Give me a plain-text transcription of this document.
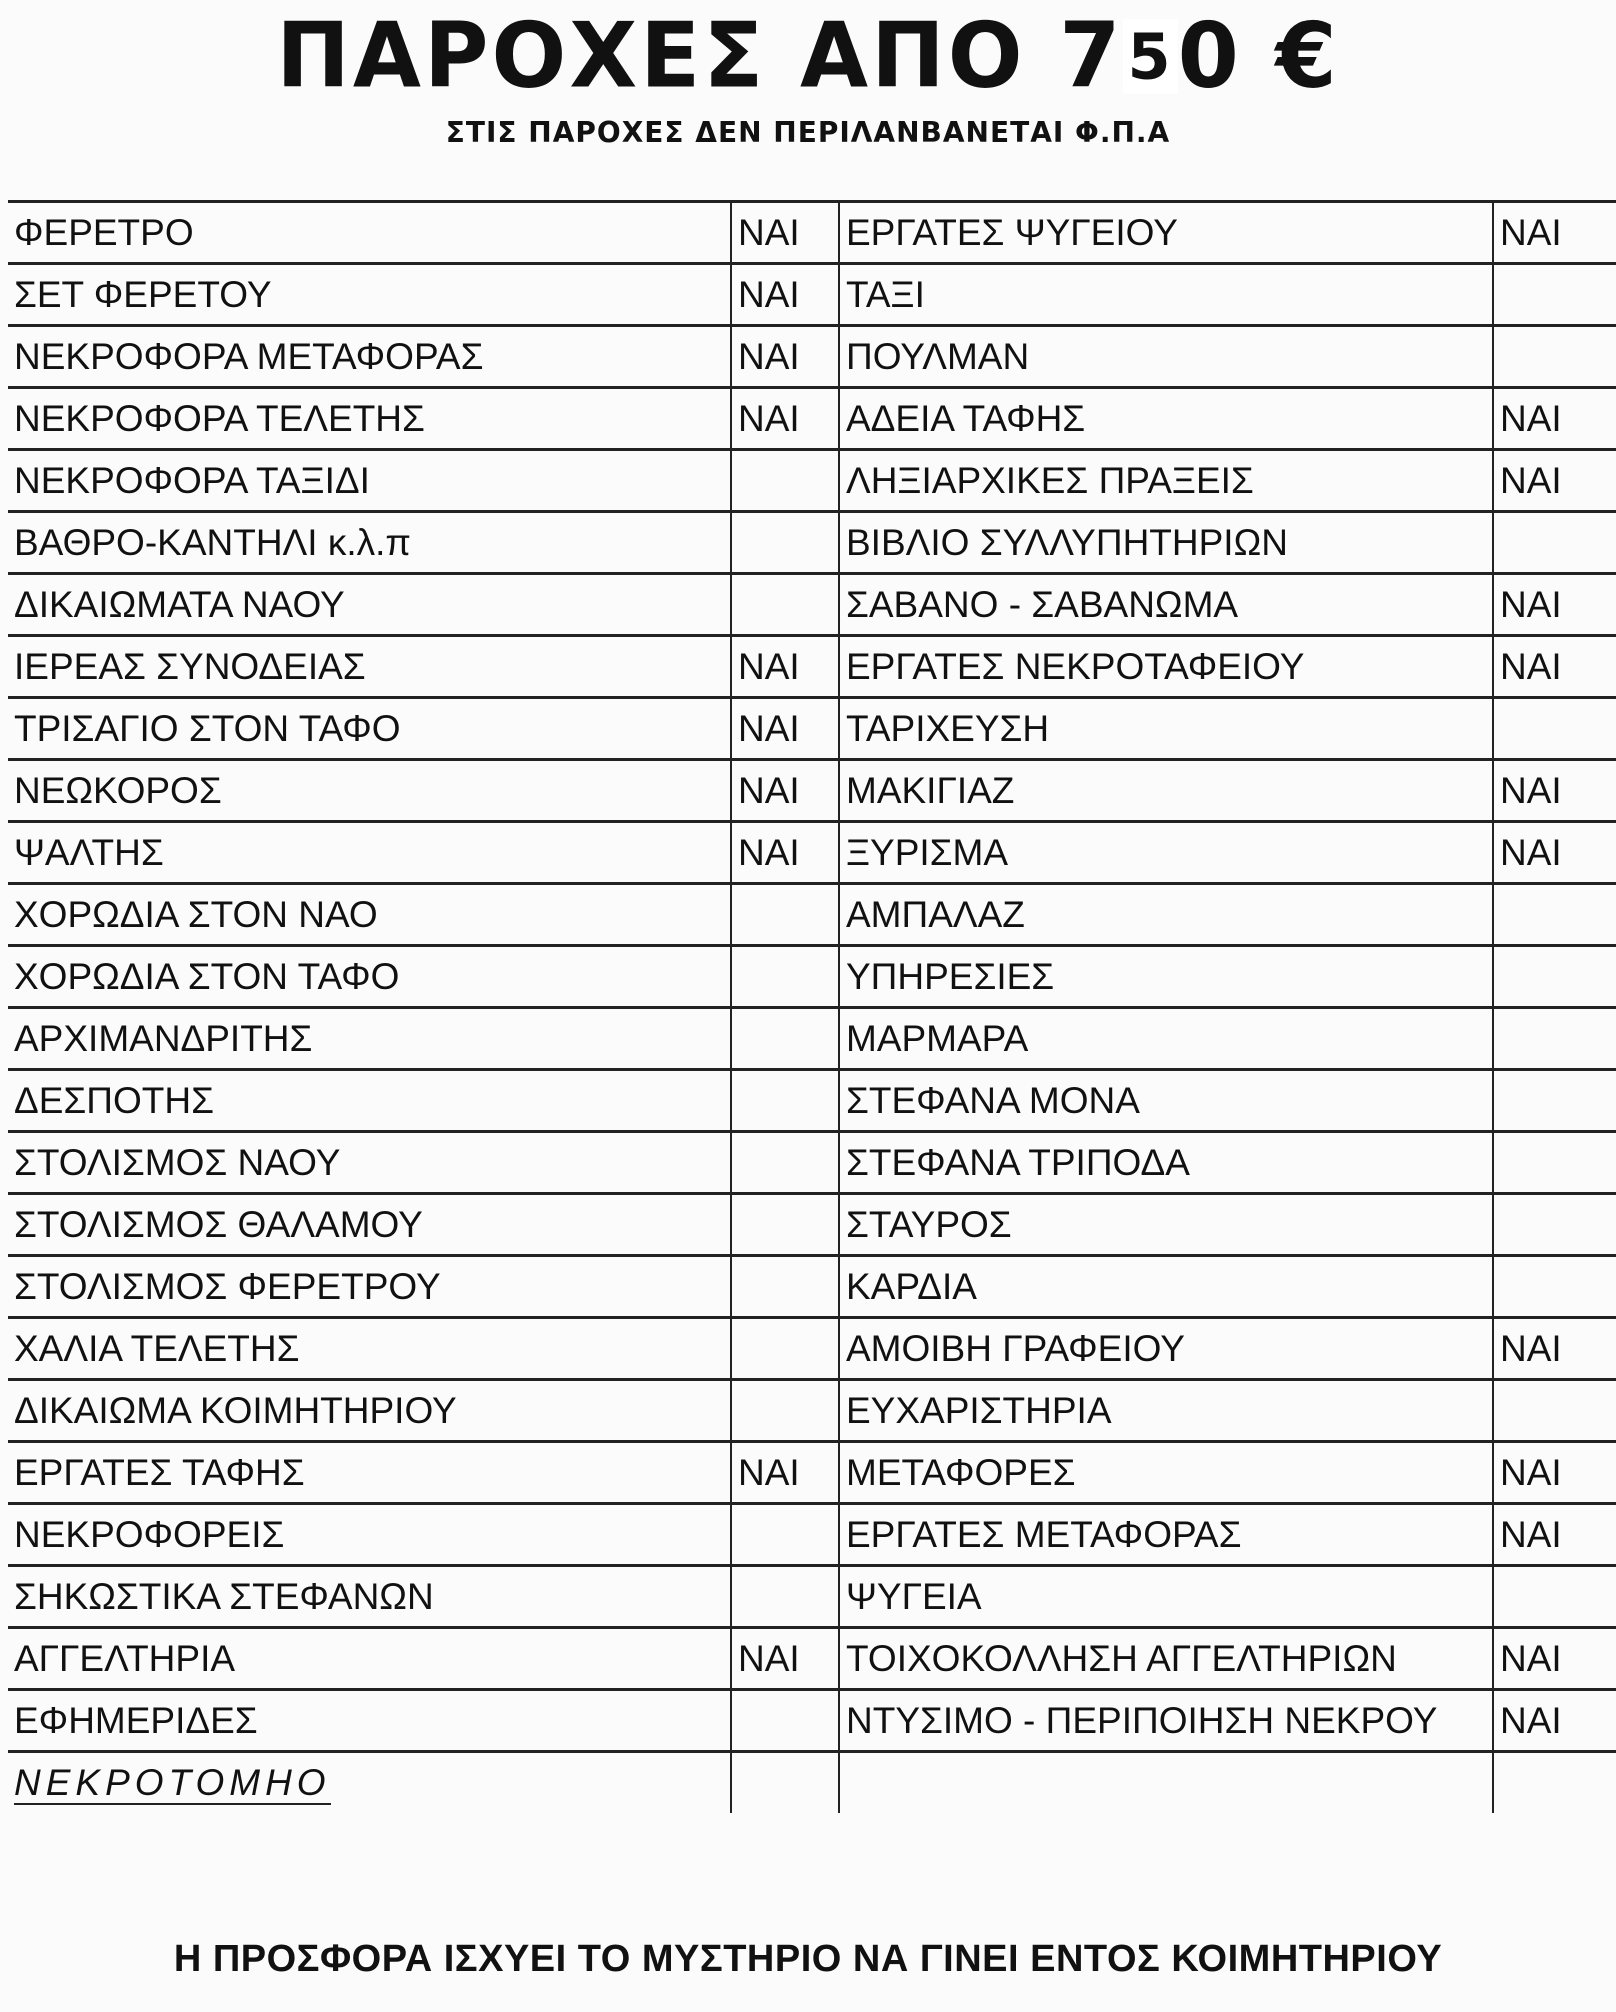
ΠΑΡΟΧΕΣ ΑΠΟ 750 €
ΣΤΙΣ ΠΑΡΟΧΕΣ ΔΕΝ ΠΕΡΙΛΑΝΒΑΝΕΤΑΙ Φ.Π.Α
ΦΕΡΕΤΡΟ	ΝΑΙ	ΕΡΓΑΤΕΣ ΨΥΓΕΙΟΥ	ΝΑΙ
ΣΕΤ ΦΕΡΕΤΟΥ	ΝΑΙ	ΤΑΞΙ	
ΝΕΚΡΟΦΟΡΑ ΜΕΤΑΦΟΡΑΣ	ΝΑΙ	ΠΟΥΛΜΑΝ	
ΝΕΚΡΟΦΟΡΑ ΤΕΛΕΤΗΣ	ΝΑΙ	ΑΔΕΙΑ ΤΑΦΗΣ	ΝΑΙ
ΝΕΚΡΟΦΟΡΑ ΤΑΞΙΔΙ		ΛΗΞΙΑΡΧΙΚΕΣ ΠΡΑΞΕΙΣ	ΝΑΙ
ΒΑΘΡΟ-ΚΑΝΤΗΛΙ κ.λ.π		ΒΙΒΛΙΟ ΣΥΛΛΥΠΗΤΗΡΙΩΝ	
ΔΙΚΑΙΩΜΑΤΑ ΝΑΟΥ		ΣΑΒΑΝΟ - ΣΑΒΑΝΩΜΑ	ΝΑΙ
ΙΕΡΕΑΣ ΣΥΝΟΔΕΙΑΣ	ΝΑΙ	ΕΡΓΑΤΕΣ ΝΕΚΡΟΤΑΦΕΙΟΥ	ΝΑΙ
ΤΡΙΣΑΓΙΟ ΣΤΟΝ ΤΑΦΟ	ΝΑΙ	ΤΑΡΙΧΕΥΣΗ	
ΝΕΩΚΟΡΟΣ	ΝΑΙ	ΜΑΚΙΓΙΑΖ	ΝΑΙ
ΨΑΛΤΗΣ	ΝΑΙ	ΞΥΡΙΣΜΑ	ΝΑΙ
ΧΟΡΩΔΙΑ ΣΤΟΝ ΝΑΟ		ΑΜΠΑΛΑΖ	
ΧΟΡΩΔΙΑ ΣΤΟΝ ΤΑΦΟ		ΥΠΗΡΕΣΙΕΣ	
ΑΡΧΙΜΑΝΔΡΙΤΗΣ		ΜΑΡΜΑΡΑ	
ΔΕΣΠΟΤΗΣ		ΣΤΕΦΑΝΑ ΜΟΝΑ	
ΣΤΟΛΙΣΜΟΣ ΝΑΟΥ		ΣΤΕΦΑΝΑ ΤΡΙΠΟΔΑ	
ΣΤΟΛΙΣΜΟΣ ΘΑΛΑΜΟΥ		ΣΤΑΥΡΟΣ	
ΣΤΟΛΙΣΜΟΣ ΦΕΡΕΤΡΟΥ		ΚΑΡΔΙΑ	
ΧΑΛΙΑ ΤΕΛΕΤΗΣ		ΑΜΟΙΒΗ ΓΡΑΦΕΙΟΥ	ΝΑΙ
ΔΙΚΑΙΩΜΑ ΚΟΙΜΗΤΗΡΙΟΥ		ΕΥΧΑΡΙΣΤΗΡΙΑ	
ΕΡΓΑΤΕΣ ΤΑΦΗΣ	ΝΑΙ	ΜΕΤΑΦΟΡΕΣ	ΝΑΙ
ΝΕΚΡΟΦΟΡΕΙΣ		ΕΡΓΑΤΕΣ ΜΕΤΑΦΟΡΑΣ	ΝΑΙ
ΣΗΚΩΣΤΙΚΑ ΣΤΕΦΑΝΩΝ		ΨΥΓΕΙΑ	
ΑΓΓΕΛΤΗΡΙΑ	ΝΑΙ	ΤΟΙΧΟΚΟΛΛΗΣΗ ΑΓΓΕΛΤΗΡΙΩΝ	ΝΑΙ
ΕΦΗΜΕΡΙΔΕΣ		ΝΤΥΣΙΜΟ - ΠΕΡΙΠΟΙΗΣΗ ΝΕΚΡΟΥ	ΝΑΙ
ΝΕΚΡΟΤΟΜΗΟ			
Η ΠΡΟΣΦΟΡΑ ΙΣΧΥΕΙ ΤΟ ΜΥΣΤΗΡΙΟ ΝΑ ΓΙΝΕΙ ΕΝΤΟΣ ΚΟΙΜΗΤΗΡΙΟΥ
